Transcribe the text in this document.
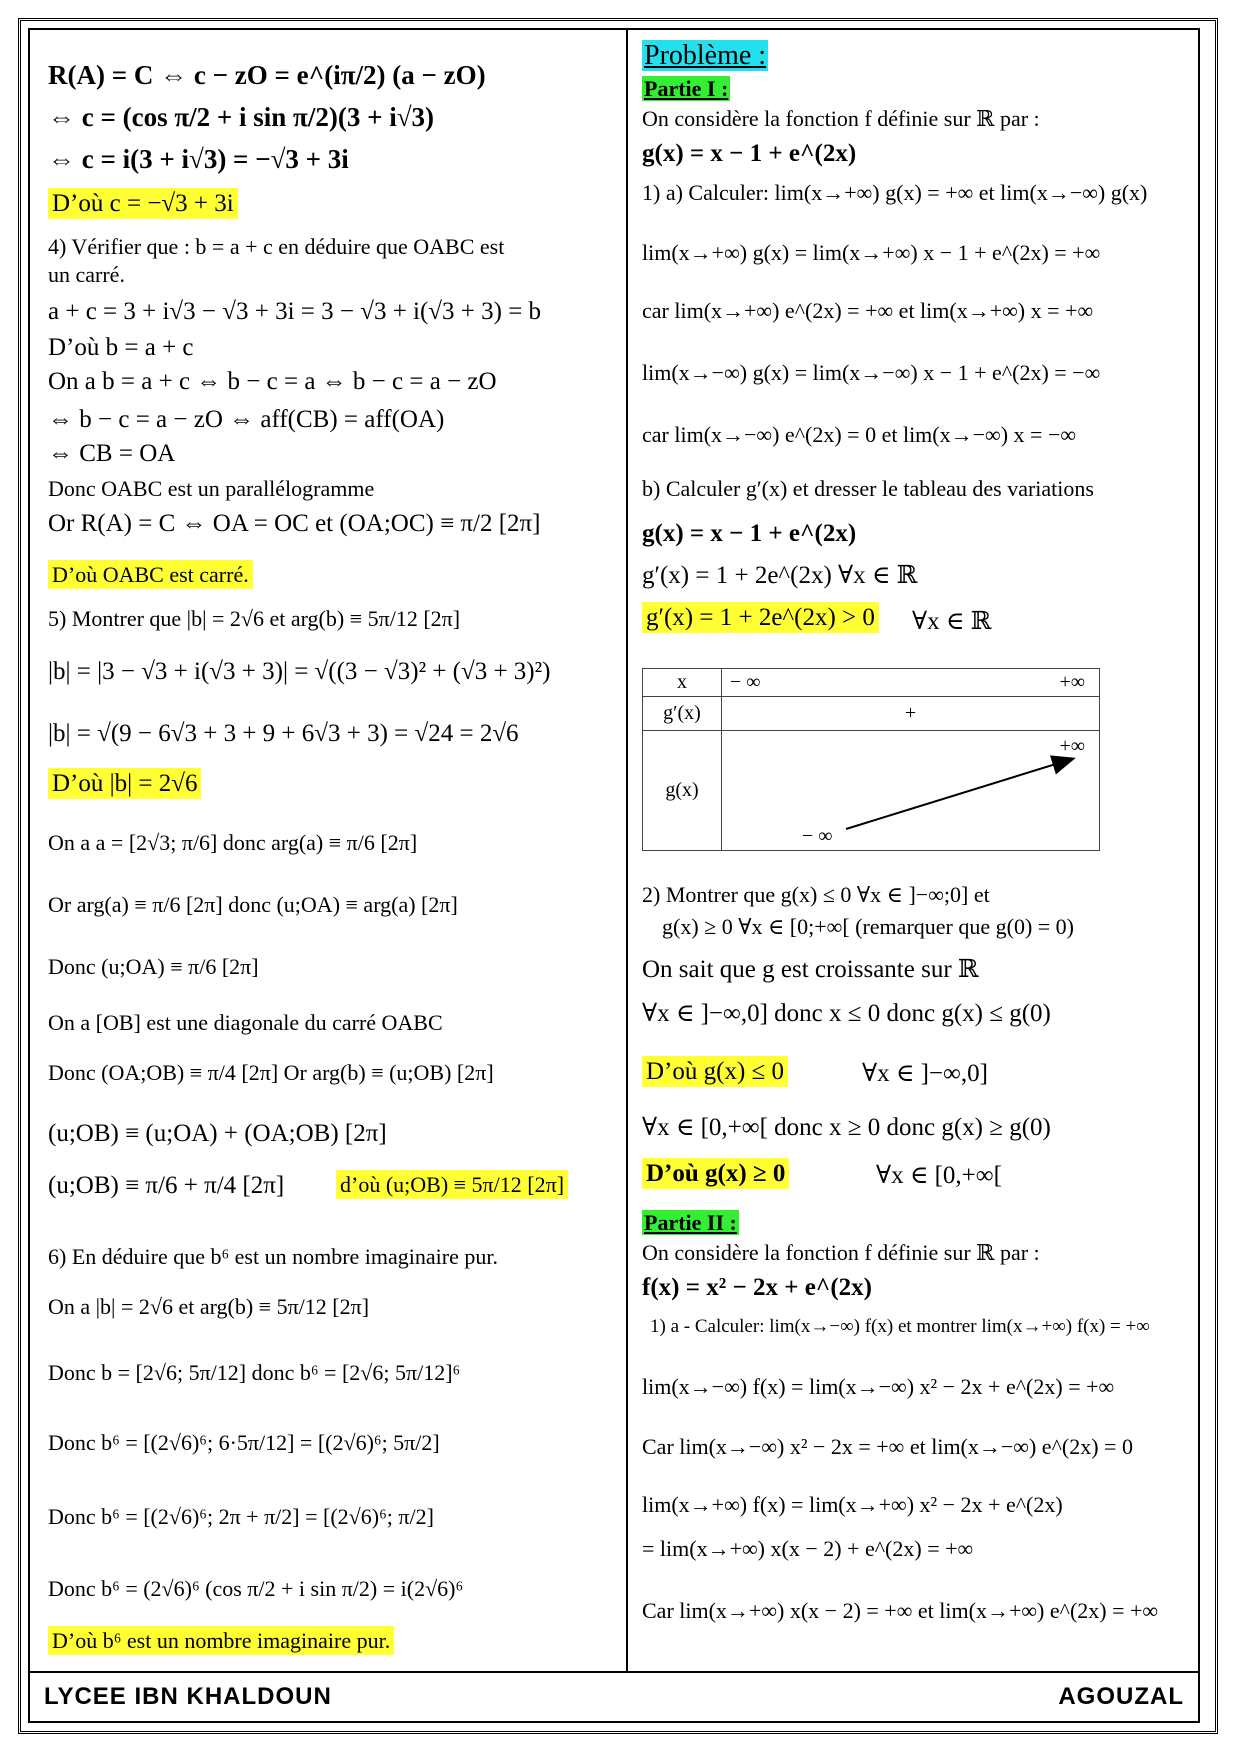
R(A) = C ⇔ c − zO = e^(iπ/2) (a − zO)
⇔ c = (cos π/2 + i sin π/2)(3 + i√3)
⇔ c = i(3 + i√3) = −√3 + 3i
D’où c = −√3 + 3i
4) Vérifier que : b = a + c en déduire que OABC est
un carré.
a + c = 3 + i√3 − √3 + 3i = 3 − √3 + i(√3 + 3) = b
D’où b = a + c
On a b = a + c ⇔ b − c = a ⇔ b − c = a − zO
⇔ b − c = a − zO ⇔ aff(CB) = aff(OA)
⇔ CB = OA
Donc OABC est un parallélogramme
Or R(A) = C ⇔ OA = OC et (OA;OC) ≡ π/2 [2π]
D’où OABC est carré.
5) Montrer que |b| = 2√6 et arg(b) ≡ 5π/12 [2π]
|b| = |3 − √3 + i(√3 + 3)| = √((3 − √3)² + (√3 + 3)²)
|b| = √(9 − 6√3 + 3 + 9 + 6√3 + 3) = √24 = 2√6
D’où |b| = 2√6
On a a = [2√3; π/6] donc arg(a) ≡ π/6 [2π]
Or arg(a) ≡ π/6 [2π] donc (u;OA) ≡ arg(a) [2π]
Donc (u;OA) ≡ π/6 [2π]
On a [OB] est une diagonale du carré OABC
Donc (OA;OB) ≡ π/4 [2π] Or arg(b) ≡ (u;OB) [2π]
(u;OB) ≡ (u;OA) + (OA;OB) [2π]
(u;OB) ≡ π/6 + π/4 [2π]	d’où (u;OB) ≡ 5π/12 [2π]
6) En déduire que b⁶ est un nombre imaginaire pur.
On a |b| = 2√6 et arg(b) ≡ 5π/12 [2π]
Donc b = [2√6; 5π/12] donc b⁶ = [2√6; 5π/12]⁶
Donc b⁶ = [(2√6)⁶; 6·5π/12] = [(2√6)⁶; 5π/2]
Donc b⁶ = [(2√6)⁶; 2π + π/2] = [(2√6)⁶; π/2]
Donc b⁶ = (2√6)⁶ (cos π/2 + i sin π/2) = i(2√6)⁶
D’où b⁶ est un nombre imaginaire pur.
Problème :
Partie I :
On considère la fonction f définie sur ℝ par :
g(x) = x − 1 + e^(2x)
1) a) Calculer: lim(x→+∞) g(x) = +∞ et lim(x→−∞) g(x)
lim(x→+∞) g(x) = lim(x→+∞) x − 1 + e^(2x) = +∞
car lim(x→+∞) e^(2x) = +∞ et lim(x→+∞) x = +∞
lim(x→−∞) g(x) = lim(x→−∞) x − 1 + e^(2x) = −∞
car lim(x→−∞) e^(2x) = 0 et lim(x→−∞) x = −∞
b) Calculer g′(x) et dresser le tableau des variations
g(x) = x − 1 + e^(2x)
g′(x) = 1 + 2e^(2x) ∀x ∈ ℝ
g′(x) = 1 + 2e^(2x) > 0 ∀x ∈ ℝ
x	− ∞ +∞

g′(x)	+
g(x)	+∞
− ∞
2) Montrer que g(x) ≤ 0 ∀x ∈ ]−∞;0] et
g(x) ≥ 0 ∀x ∈ [0;+∞[ (remarquer que g(0) = 0)
On sait que g est croissante sur ℝ
∀x ∈ ]−∞,0] donc x ≤ 0 donc g(x) ≤ g(0)
D’où g(x) ≤ 0	∀x ∈ ]−∞,0]
∀x ∈ [0,+∞[ donc x ≥ 0 donc g(x) ≥ g(0)
D’où g(x) ≥ 0	∀x ∈ [0,+∞[
Partie II :
On considère la fonction f définie sur ℝ par :
f(x) = x² − 2x + e^(2x)
1) a - Calculer: lim(x→−∞) f(x) et montrer lim(x→+∞) f(x) = +∞
lim(x→−∞) f(x) = lim(x→−∞) x² − 2x + e^(2x) = +∞
Car lim(x→−∞) x² − 2x = +∞ et lim(x→−∞) e^(2x) = 0
lim(x→+∞) f(x) = lim(x→+∞) x² − 2x + e^(2x)
= lim(x→+∞) x(x − 2) + e^(2x) = +∞
Car lim(x→+∞) x(x − 2) = +∞ et lim(x→+∞) e^(2x) = +∞
LYCEE IBN KHALDOUN	AGOUZAL
